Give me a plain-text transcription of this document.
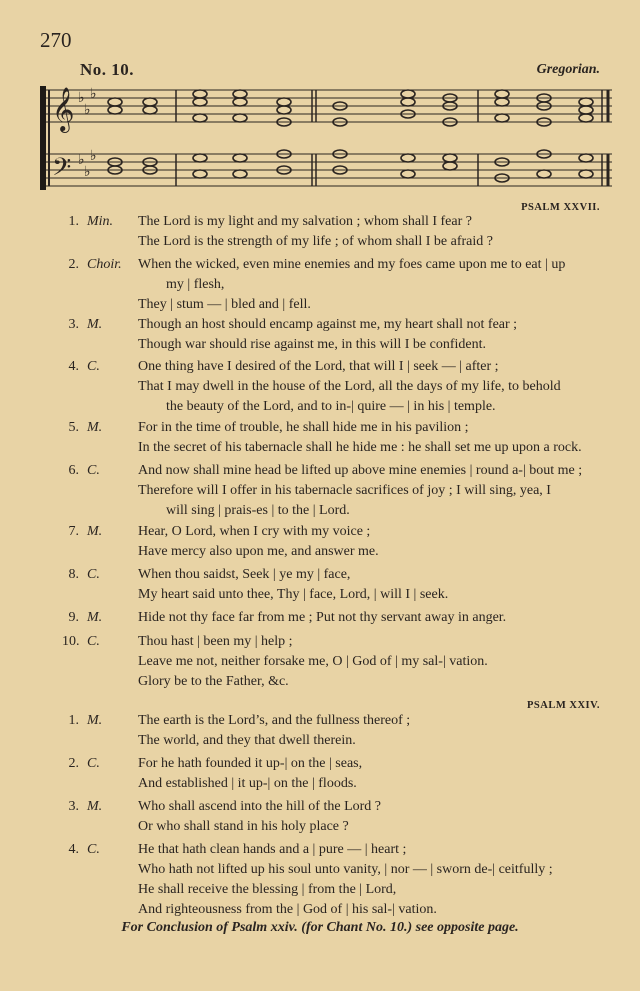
270
No. 10.	Gregorian.
𝄞
𝄢
♭
♭
♭
♭
♭
♭
PSALM XXVII.
1. Min. The Lord is my light and my salvation ; whom shall I fear ?
The Lord is the strength of my life ; of whom shall I be afraid ?
2. Choir. When the wicked, even mine enemies and my foes came upon me to eat | up
my | flesh,
They | stum — | bled and | fell.
3. M.	Though an host should encamp against me, my heart shall not fear ;
Though war should rise against me, in this will I be confident.
4. C.	One thing have I desired of the Lord, that will I | seek — | after ;
That I may dwell in the house of the Lord, all the days of my life, to behold
the beauty of the Lord, and to in-| quire — | in his | temple.
5. M.	For in the time of trouble, he shall hide me in his pavilion ;
In the secret of his tabernacle shall he hide me : he shall set me up upon a rock.
6. C.	And now shall mine head be lifted up above mine enemies | round a-| bout me ;
Therefore will I offer in his tabernacle sacrifices of joy ; I will sing, yea, I
will sing | prais-es | to the | Lord.
7. M.	Hear, O Lord, when I cry with my voice ;
Have mercy also upon me, and answer me.
8. C.	When thou saidst, Seek | ye my | face,
My heart said unto thee, Thy | face, Lord, | will I | seek.
9. M.	Hide not thy face far from me ; Put not thy servant away in anger.
10. C.	Thou hast | been my | help ;
Leave me not, neither forsake me, O | God of | my sal-| vation.
Glory be to the Father, &c.
PSALM XXIV.
1. M.	The earth is the Lord’s, and the fullness thereof ;
The world, and they that dwell therein.
2. C.	For he hath founded it up-| on the | seas,
And established | it up-| on the | floods.
3. M.	Who shall ascend into the hill of the Lord ?
Or who shall stand in his holy place ?
4. C.	He that hath clean hands and a | pure — | heart ;
Who hath not lifted up his soul unto vanity, | nor — | sworn de-| ceitfully ;
He shall receive the blessing | from the | Lord,
And righteousness from the | God of | his sal-| vation.
For Conclusion of Psalm xxiv. (for Chant No. 10.) see opposite page.
